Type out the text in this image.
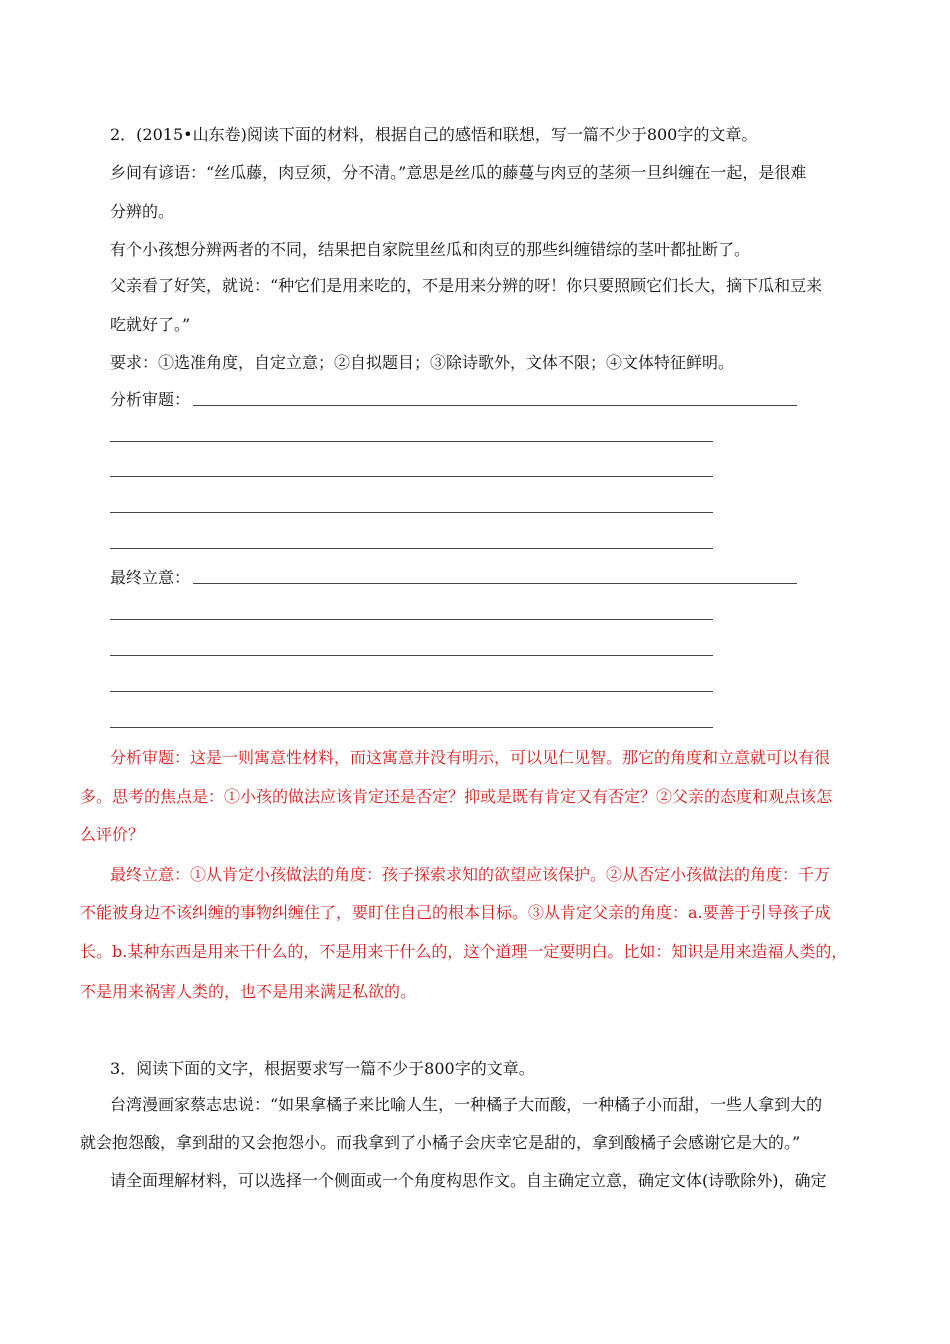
2．(2015•山东卷)阅读下面的材料，根据自己的感悟和联想，写一篇不少于800字的文章。
乡间有谚语：“丝瓜藤，肉豆须，分不清。”意思是丝瓜的藤蔓与肉豆的茎须一旦纠缠在一起，是很难
分辨的。
有个小孩想分辨两者的不同，结果把自家院里丝瓜和肉豆的那些纠缠错综的茎叶都扯断了。
父亲看了好笑，就说：“种它们是用来吃的，不是用来分辨的呀！你只要照顾它们长大，摘下瓜和豆来
吃就好了。”
要求：①选准角度，自定立意；②自拟题目；③除诗歌外，文体不限；④文体特征鲜明。
分析审题：
最终立意：
分析审题：这是一则寓意性材料，而这寓意并没有明示，可以见仁见智。那它的角度和立意就可以有很
多。思考的焦点是：①小孩的做法应该肯定还是否定？抑或是既有肯定又有否定？②父亲的态度和观点该怎
么评价？
最终立意：①从肯定小孩做法的角度：孩子探索求知的欲望应该保护。②从否定小孩做法的角度：千万
不能被身边不该纠缠的事物纠缠住了，要盯住自己的根本目标。③从肯定父亲的角度：a.要善于引导孩子成
长。b.某种东西是用来干什么的，不是用来干什么的，这个道理一定要明白。比如：知识是用来造福人类的，
不是用来祸害人类的，也不是用来满足私欲的。
3．阅读下面的文字，根据要求写一篇不少于800字的文章。
台湾漫画家蔡志忠说：“如果拿橘子来比喻人生，一种橘子大而酸，一种橘子小而甜，一些人拿到大的
就会抱怨酸，拿到甜的又会抱怨小。而我拿到了小橘子会庆幸它是甜的，拿到酸橘子会感谢它是大的。”
请全面理解材料，可以选择一个侧面或一个角度构思作文。自主确定立意，确定文体(诗歌除外)，确定
